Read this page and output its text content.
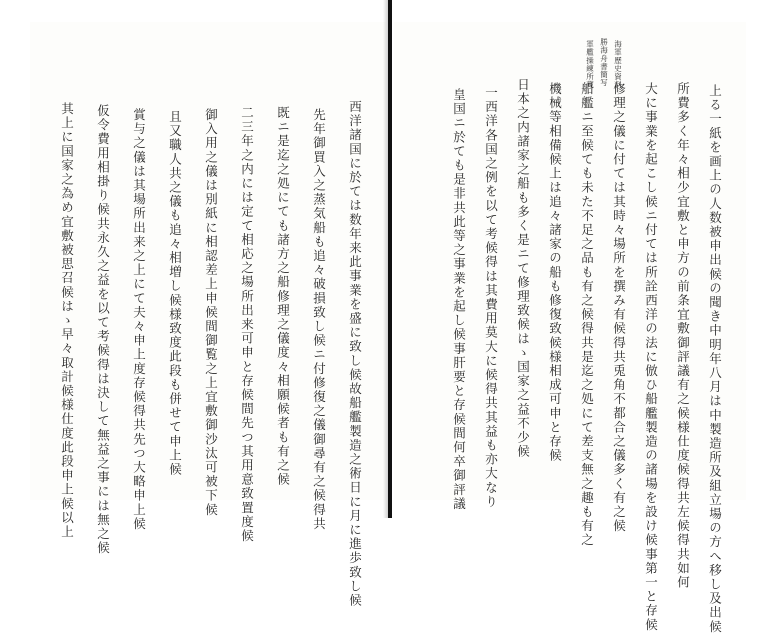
西洋諸国に於ては数年来此事業を盛に致し候故船艦製造之術日に月に進歩致し候
先年御買入之蒸気船も追々破損致し候ニ付修復之儀御尋有之候得共
既ニ是迄之処にても諸方之船修理之儀度々相願候者も有之候
二三年之内には定て相応之場所出来可申と存候間先つ其用意致置度候
御入用之儀は別紙に相認差上申候間御覧之上宜敷御沙汰可被下候
且又職人共之儀も追々相増し候様致度此段も併せて申上候
賞与之儀は其場所出来之上にて夫々申上度存候得共先つ大略申上候
仮令費用相掛り候共永久之益を以て考候得は決して無益之事には無之候
其上に国家之為め宜敷被思召候はゝ早々取計候様仕度此段申上候以上
海軍歷史資料
勝海舟書簡写
軍艦操練所蔵
上る一紙を画上の人数被申出候の聞き中明年八月は中製造所及組立場の方へ移し及出候
所費多く年々相少宜敷と申方の前条宜敷御評議有之候様仕度候得共左候得共如何
大に事業を起こし候ニ付ては所詮西洋の法に倣ひ船艦製造の諸場を設け候事第一と存候
修理之儀に付ては其時々場所を撰み有候得共兎角不都合之儀多く有之候
船艦ニ至候ても未た不足之品も有之候得共是迄之処にて差支無之趣も有之
機械等相備候上は追々諸家の船も修復致候様相成可申と存候
日本之内諸家之船も多く是ニて修理致候はゝ国家之益不少候
一西洋各国之例を以て考候得は其費用莫大に候得共其益も亦大なり
皇国ニ於ても是非共此等之事業を起し候事肝要と存候間何卒御評議
